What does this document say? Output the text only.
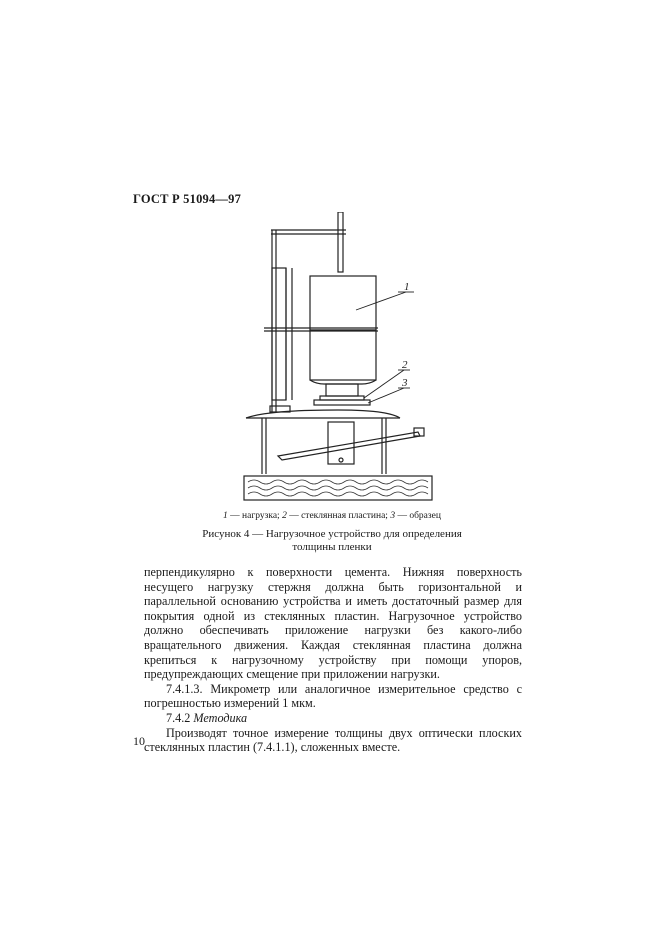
ГОСТ Р 51094—97
1
2
3
1 — нагрузка; 2 — стеклянная пластина; 3 — образец
Рисунок 4 — Нагрузочное устройство для определения
толщины пленки

перпендикулярно к поверхности цемента. Нижняя поверхность несущего нагрузку стержня должна быть горизонтальной и параллельной основанию устройства и иметь достаточный размер для покрытия одной из стеклянных пластин. Нагрузочное устройство должно обеспечивать приложение нагрузки без какого-либо вращательного движения. Каждая стеклянная пластина должна крепиться к нагрузочному устройству при помощи упоров, предупреждающих смещение при приложении нагрузки.

7.4.1.3. Микрометр или аналогичное измерительное средство с погрешностью измерений 1 мкм.

7.4.2 Методика

Производят точное измерение толщины двух оптически плоских стеклянных пластин (7.4.1.1), сложенных вместе.

10
